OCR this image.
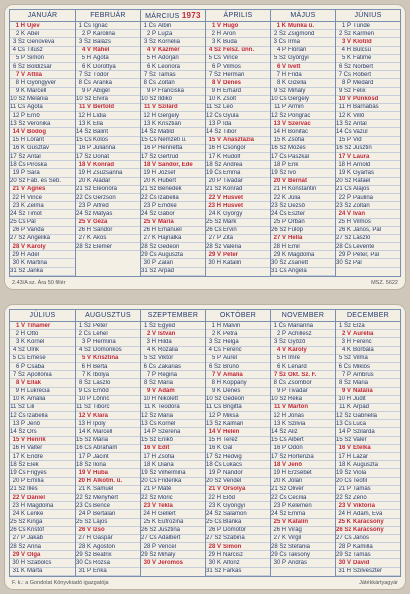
JANUÁR
1 H Újév
2 K Ábel
3 Sz Genovéva
4 Cs Titusz
5 P Simon
6 Sz Boldizsár
7 V Attila
8 H Gyöngyvér
9 K Marcell
10 Sz Melánia
11 Cs Ágota
12 P Ernő
13 Sz Veronika
14 V Bódog
15 H Lóránt
16 K Gusztáv
17 Sz Antal
18 Cs Piroska
19 P Sára
20 Sz Fáb. és Seb.
21 V Ágnes
22 H Vince
23 K Zelma
24 Sz Timót
25 Cs Pál
26 P Vanda
27 Sz Angelika
28 V Károly
29 H Adél
30 K Martina
31 Sz Janka
FEBRUÁR
1 Cs Ignác
2 P Karolina
3 Sz Balázs
4 V Ráhel
5 H Ágota
6 K Dorottya
7 Sz Tódor
8 Cs Aranka
9 P Abigél
10 Sz Elvira
11 V Bertold
12 H Lídia
13 K Ella
14 Sz Bálint
15 Cs Kolos
16 P Julianna
17 Sz Donát
18 V Konrád
19 H Zsuzsanna
20 K Aladár
21 Sz Eleonóra
22 Cs Gerzson
23 P Alfréd
24 Sz Mátyás
25 V Géza
26 H Sándor
27 K Ákos
28 Sz Elemér
MÁRCIUS 1973
1 Cs Albin
2 P Lujza
3 Sz Kornélia
4 V Kázmér
5 H Adorján
6 K Leonóra
7 Sz Tamás
8 Cs Zoltán
9 P Franciska
10 Sz Ildikó
11 V Szilárd
12 H Gergely
13 K Krisztián
14 Sz Matild
15 Cs Nemzeti ü.
16 P Henrietta
17 Sz Gertrúd
18 V Sándor, Ede
19 H József
20 K Hubert
21 Sz Benedek
22 Cs Izabella
23 P Emőke
24 Sz Gábor
25 V Mária
26 H Emánuel
27 K Hajnalka
28 Sz Gedeon
29 Cs Auguszta
30 P Zalán
31 Sz Árpád
ÁPRILIS
1 V Hugó
2 H Áron
3 K Buda
4 Sz Felsz. ünn.
5 Cs Vince
6 P Vilmos
7 Sz Herman
8 V Dénes
9 H Erhard
10 K Zsolt
11 Sz Leó
12 Cs Gyula
13 P Ida
14 Sz Tibor
15 V Anasztázia
16 H Csongor
17 K Rudolf
18 Sz Andrea
19 Cs Emma
20 P Tivadar
21 Sz Konrád
22 V Húsvét
23 H Húsvét
24 K György
25 Sz Márk
26 Cs Ervin
27 P Zita
28 Sz Valéria
29 V Péter
30 H Katalin
MÁJUS
1 K Munka ü.
2 Sz Zsigmond
3 Cs Irma
4 P Flórián
5 Sz Györgyi
6 V Ivett
7 H Frida
8 K Gizella
9 Sz Mihály
10 Cs Gergely
11 P Ármin
12 Sz Pongrác
13 V Szervác
14 H Bonifác
15 K Zsófia
16 Sz Mózes
17 Cs Paszkál
18 P Erik
19 Sz Ivó
20 V Bernát
21 H Konstantin
22 K Júlia
23 Sz Dezső
24 Cs Eszter
25 P Orbán
26 Sz Fülöp
27 V Hella
28 H Emil
29 K Magdolna
30 Sz Zsanett
31 Cs Angela
JÚNIUS
1 P Tünde
2 Sz Kármen
3 V Klotild
4 H Bulcsú
5 K Fatime
6 Sz Norbert
7 Cs Róbert
8 P Medárd
9 Sz Félix
10 V Pünkösd
11 H Barnabás
12 K Villő
13 Sz Antal
14 Cs Vazul
15 P Vid
16 Sz Jusztin
17 V Laura
18 H Arnold
19 K Gyárfás
20 Sz Rafael
21 Cs Alajos
22 P Paulina
23 Sz Zoltán
24 V Iván
25 H Vilmos
26 K János, Pál
27 Sz László
28 Cs Levente
29 P Péter, Pál
30 Sz Pál
2.43/A sz. Ára 50 fillér	MSZ. 5622
JÚLIUS
1 V Tihamér
2 H Ottó
3 K Kornél
4 Sz Ulrik
5 Cs Emese
6 P Csaba
7 Sz Apollónia
8 V Ellák
9 H Lukrécia
10 K Amália
11 Sz Lili
12 Cs Izabella
13 P Jenő
14 Sz Örs
15 V Henrik
16 H Valter
17 K Endre
18 Sz Elek
19 Cs Frigyes
20 P Emília
21 Sz Illés
22 V Dániel
23 H Magdolna
24 K Lenke
25 Sz Kinga
26 Cs Kristóf
27 P Jakab
28 Sz Anna
29 V Olga
30 H Szabolcs
31 K Márta
AUGUSZTUS
1 Sz Péter
2 Cs Lehel
3 P Hermina
4 Sz Domonkos
5 V Krisztina
6 H Berta
7 K Ibolya
8 Sz László
9 Cs Emőd
10 P Lőrinc
11 Sz Tiborc
12 V Klára
13 H Ipoly
14 K Marcell
15 Sz Mária
16 Cs Ábrahám
17 P Jácint
18 Sz Ilona
19 V Huba
20 H Alkotm. ü.
21 K Sámuel
22 Sz Menyhért
23 Cs Bence
24 P Bertalan
25 Sz Lajos
26 V Izsó
27 H Gáspár
28 K Ágoston
29 Sz Beatrix
30 Cs Rózsa
31 P Erika
SZEPTEMBER
1 Sz Egyed
2 V István
3 H Hilda
4 K Rozália
5 Sz Viktor
6 Cs Zakariás
7 P Regina
8 Sz Mária
9 V Ádám
10 H Nikolett
11 K Teodóra
12 Sz Mária
13 Cs Kornél
14 P Szeréna
15 Sz Enikő
16 V Edit
17 H Zsófia
18 K Diána
19 Sz Vilhelmina
20 Cs Friderika
21 P Máté
22 Sz Móric
23 V Tekla
24 H Gellért
25 K Eufrozina
26 Sz Jusztina
27 Cs Adalbert
28 P Vencel
29 Sz Mihály
30 V Jeromos
OKTÓBER
1 H Malvin
2 K Petra
3 Sz Helga
4 Cs Ferenc
5 P Aurél
6 Sz Brúnó
7 V Amália
8 H Koppány
9 K Dénes
10 Sz Gedeon
11 Cs Brigitta
12 P Miksa
13 Sz Kálmán
14 V Helén
15 H Teréz
16 K Gál
17 Sz Hedvig
18 Cs Lukács
19 P Nándor
20 Sz Vendel
21 V Orsolya
22 H Előd
23 K Gyöngyi
24 Sz Salamon
25 Cs Blanka
26 P Dömötör
27 Sz Szabina
28 V Simon
29 H Nárcisz
30 K Alfonz
31 Sz Farkas
NOVEMBER
1 Cs Marianna
2 P Achillesz
3 Sz Győző
4 V Károly
5 H Imre
6 K Lénárd
7 Sz Okt. Sz. F.
8 Cs Zsombor
9 P Tivadar
10 Sz Réka
11 V Márton
12 H Jónás
13 K Szilvia
14 Sz Aliz
15 Cs Albert
16 P Ödön
17 Sz Hortenzia
18 V Jenő
19 H Erzsébet
20 K Jolán
21 Sz Olivér
22 Cs Cecília
23 P Kelemen
24 Sz Emma
25 V Katalin
26 H Virág
27 K Virgil
28 Sz Stefánia
29 Cs Taksony
30 P András
DECEMBER
1 Sz Elza
2 V Aurélia
3 H Ferenc
4 K Borbála
5 Sz Vilma
6 Cs Miklós
7 P Ambrus
8 Sz Mária
9 V Natália
10 H Judit
11 K Árpád
12 Sz Gabriella
13 Cs Luca
14 P Szilárda
15 Sz Valér
16 V Etelka
17 H Lázár
18 K Auguszta
19 Sz Viola
20 Cs Teofil
21 P Tamás
22 Sz Zénó
23 V Viktória
24 H Ádám, Éva
25 K Karácsony
26 Sz Karácsony
27 Cs János
28 P Kamilla
29 Sz Tamás
30 V Dávid
31 H Szilveszter
F. k.: a Gondolat Könyvkiadó igazgatója	Játékkártyagyár
